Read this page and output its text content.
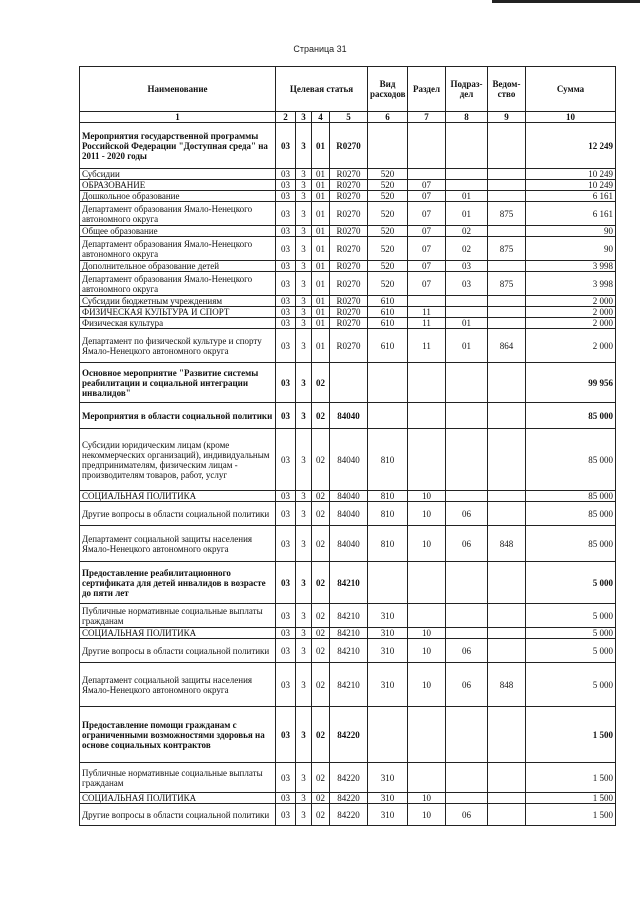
Страница 31
Наименование	Целевая статья				Вид расходов	Раздел	Подраз-дел	Ведом-ство	Сумма
1	2	3	4	5	6	7	8	9	10
Мероприятия государственной программы Российской Федерации "Доступная среда" на 2011 - 2020 годы	03	3	01	R0270					12 249
Субсидии	03	3	01	R0270	520				10 249
ОБРАЗОВАНИЕ	03	3	01	R0270	520	07			10 249
Дошкольное образование	03	3	01	R0270	520	07	01		6 161
Департамент образования Ямало-Ненецкого автономного округа	03	3	01	R0270	520	07	01	875	6 161
Общее образование	03	3	01	R0270	520	07	02		90
Департамент образования Ямало-Ненецкого автономного округа	03	3	01	R0270	520	07	02	875	90
Дополнительное образование детей	03	3	01	R0270	520	07	03		3 998
Департамент образования Ямало-Ненецкого автономного округа	03	3	01	R0270	520	07	03	875	3 998
Субсидии бюджетным учреждениям	03	3	01	R0270	610				2 000
ФИЗИЧЕСКАЯ КУЛЬТУРА И СПОРТ	03	3	01	R0270	610	11			2 000
Физическая культура	03	3	01	R0270	610	11	01		2 000
Департамент по физической культуре и спорту Ямало-Ненецкого автономного округа	03	3	01	R0270	610	11	01	864	2 000
Основное мероприятие "Развитие системы реабилитации и социальной интеграции инвалидов"	03	3	02						99 956
Мероприятия в области социальной политики	03	3	02	84040					85 000
Субсидии юридическим лицам (кроме некоммерческих организаций), индивидуальным предпринимателям, физическим лицам - производителям товаров, работ, услуг	03	3	02	84040	810				85 000
СОЦИАЛЬНАЯ ПОЛИТИКА	03	3	02	84040	810	10			85 000
Другие вопросы в области социальной политики	03	3	02	84040	810	10	06		85 000
Департамент социальной защиты населения Ямало-Ненецкого автономного округа	03	3	02	84040	810	10	06	848	85 000
Предоставление реабилитационного сертификата для детей инвалидов в возрасте до пяти лет	03	3	02	84210					5 000
Публичные нормативные социальные выплаты гражданам	03	3	02	84210	310				5 000
СОЦИАЛЬНАЯ ПОЛИТИКА	03	3	02	84210	310	10			5 000
Другие вопросы в области социальной политики	03	3	02	84210	310	10	06		5 000
Департамент социальной защиты населения Ямало-Ненецкого автономного округа	03	3	02	84210	310	10	06	848	5 000
Предоставление помощи гражданам с ограниченными возможностями здоровья на основе социальных контрактов	03	3	02	84220					1 500
Публичные нормативные социальные выплаты гражданам	03	3	02	84220	310				1 500
СОЦИАЛЬНАЯ ПОЛИТИКА	03	3	02	84220	310	10			1 500
Другие вопросы в области социальной политики	03	3	02	84220	310	10	06		1 500
